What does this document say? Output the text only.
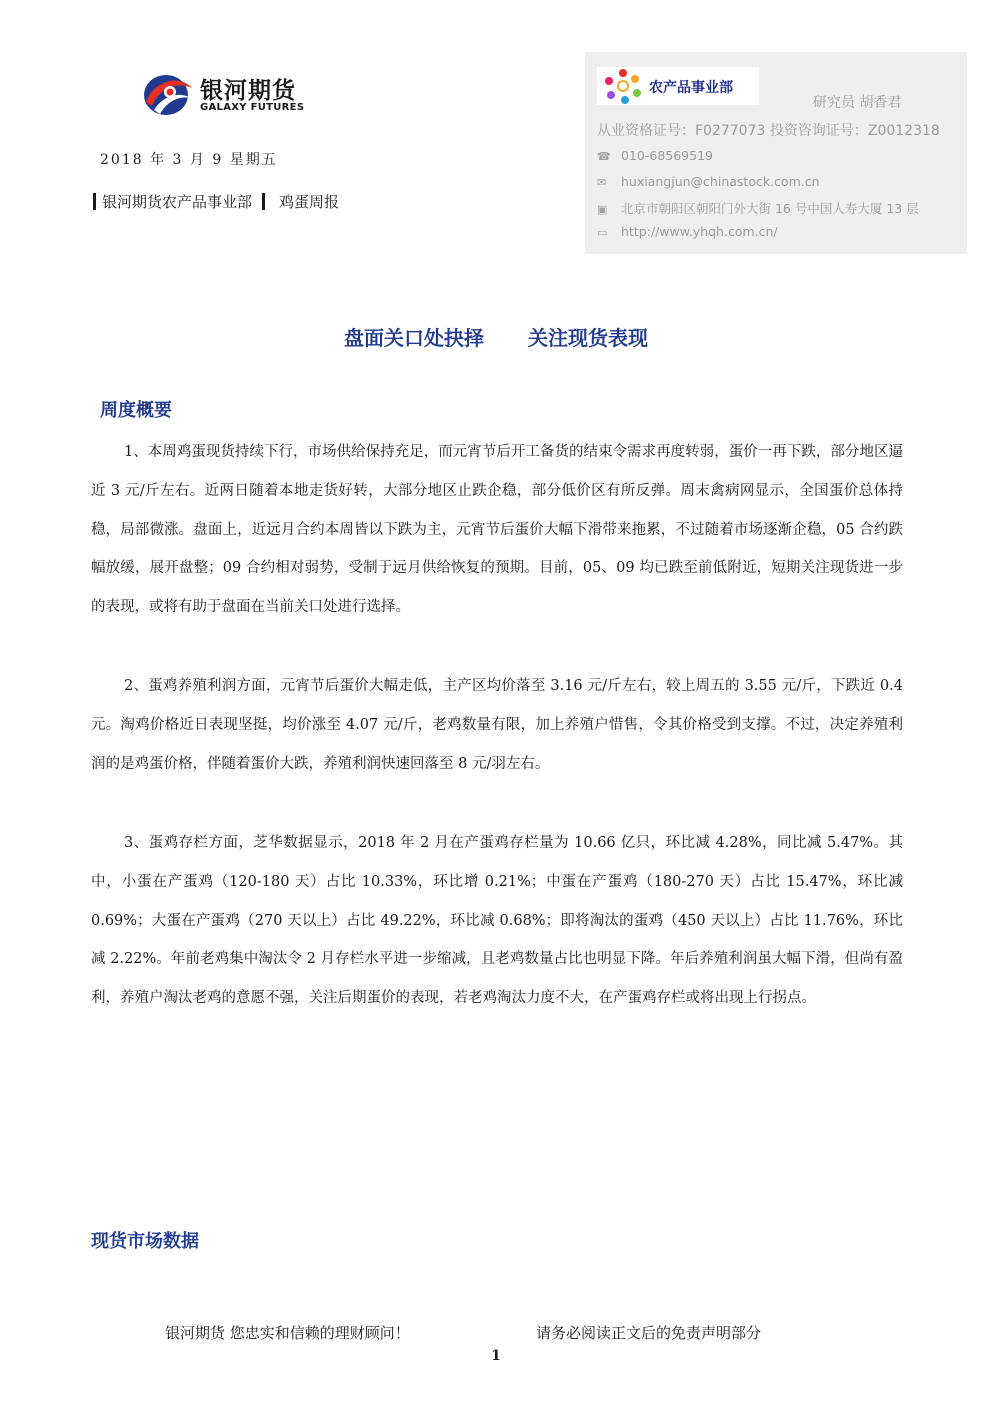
银河期货
GALAXY FUTURES
2018 年 3 月 9 星期五
银河期货农产品事业部 鸡蛋周报
农产品事业部
研究员 胡香君
从业资格证号：F0277073 投资咨询证号：Z0012318
☎ 010-68569519
✉ huxiangjun@chinastock.com.cn
▣ 北京市朝阳区朝阳门外大街 16 号中国人寿大厦 13 层
▭ http://www.yhqh.com.cn/
盘面关口处抉择 关注现货表现
周度概要
1、本周鸡蛋现货持续下行，市场供给保持充足，而元宵节后开工备货的结束令需求再度转弱，蛋价一再下跌，部分地区逼近 3 元/斤左右。近两日随着本地走货好转，大部分地区止跌企稳，部分低价区有所反弹。周末禽病网显示，全国蛋价总体持稳，局部微涨。盘面上，近远月合约本周皆以下跌为主，元宵节后蛋价大幅下滑带来拖累，不过随着市场逐渐企稳，05 合约跌幅放缓，展开盘整；09 合约相对弱势，受制于远月供给恢复的预期。目前，05、09 均已跌至前低附近，短期关注现货进一步的表现，或将有助于盘面在当前关口处进行选择。
2、蛋鸡养殖利润方面，元宵节后蛋价大幅走低，主产区均价落至 3.16 元/斤左右，较上周五的 3.55 元/斤，下跌近 0.4 元。淘鸡价格近日表现坚挺，均价涨至 4.07 元/斤，老鸡数量有限，加上养殖户惜售，令其价格受到支撑。不过，决定养殖利润的是鸡蛋价格，伴随着蛋价大跌，养殖利润快速回落至 8 元/羽左右。
3、蛋鸡存栏方面，芝华数据显示，2018 年 2 月在产蛋鸡存栏量为 10.66 亿只，环比减 4.28%，同比减 5.47%。其中，小蛋在产蛋鸡（120-180 天）占比 10.33%，环比增 0.21%；中蛋在产蛋鸡（180-270 天）占比 15.47%，环比减 0.69%；大蛋在产蛋鸡（270 天以上）占比 49.22%，环比减 0.68%；即将淘汰的蛋鸡（450 天以上）占比 11.76%，环比减 2.22%。年前老鸡集中淘汰令 2 月存栏水平进一步缩减，且老鸡数量占比也明显下降。年后养殖利润虽大幅下滑，但尚有盈利，养殖户淘汰老鸡的意愿不强，关注后期蛋价的表现，若老鸡淘汰力度不大，在产蛋鸡存栏或将出现上行拐点。
现货市场数据
银河期货 您忠实和信赖的理财顾问！	请务必阅读正文后的免责声明部分
1
